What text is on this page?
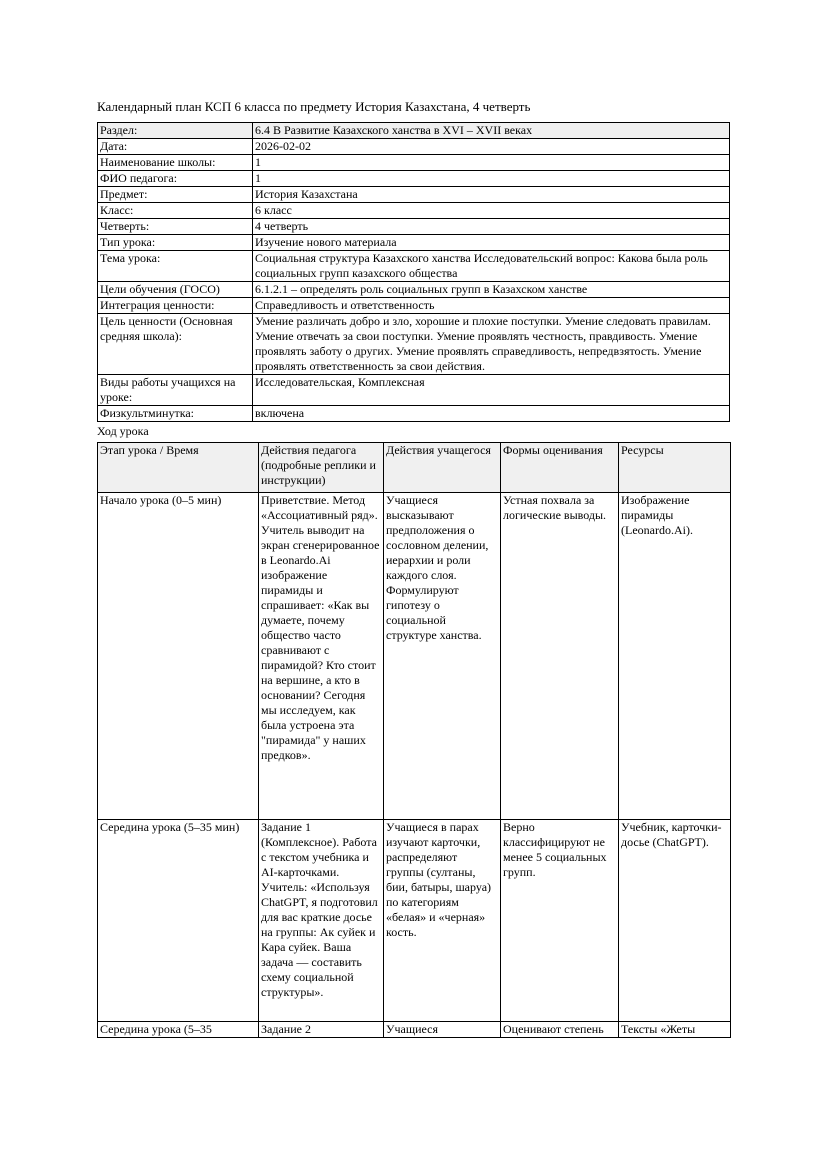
Календарный план КСП 6 класса по предмету История Казахстана, 4 четверть
Раздел:	6.4 В Развитие Казахского ханства в XVI – XVII веках
Дата:	2026-02-02
Наименование школы:	1
ФИО педагога:	1
Предмет:	История Казахстана
Класс:	6 класс
Четверть:	4 четверть
Тип урока:	Изучение нового материала
Тема урока:	Социальная структура Казахского ханства Исследовательский вопрос: Какова была роль социальных групп казахского общества
Цели обучения (ГОСО)	6.1.2.1 – определять роль социальных групп в Казахском ханстве
Интеграция ценности:	Справедливость и ответственность
Цель ценности (Основная средняя школа):	Умение различать добро и зло, хорошие и плохие поступки. Умение следовать правилам. Умение отвечать за свои поступки. Умение проявлять честность, правдивость. Умение проявлять заботу о других. Умение проявлять справедливость, непредвзятость. Умение проявлять ответственность за свои действия.
Виды работы учащихся на уроке:	Исследовательская, Комплексная
Физкультминутка:	включена
Ход урока
Этап урока / Время	Действия педагога (подробные реплики и инструкции)	Действия учащегося	Формы оценивания	Ресурсы
Начало урока (0–5 мин)	Приветствие. Метод «Ассоциативный ряд». Учитель выводит на экран сгенерированное в Leonardo.Ai изображение пирамиды и спрашивает: «Как вы думаете, почему общество часто сравнивают с пирамидой? Кто стоит на вершине, а кто в основании? Сегодня мы исследуем, как была устроена эта "пирамида" у наших предков».	Учащиеся высказывают предположения о сословном делении, иерархии и роли каждого слоя. Формулируют гипотезу о социальной структуре ханства.	Устная похвала за логические выводы.	Изображение пирамиды (Leonardo.Ai).
Середина урока (5–35 мин)	Задание 1 (Комплексное). Работа с текстом учебника и AI-карточками. Учитель: «Используя ChatGPT, я подготовил для вас краткие досье на группы: Ак суйек и Кара суйек. Ваша задача — составить схему социальной структуры».	Учащиеся в парах изучают карточки, распределяют группы (султаны, бии, батыры, шаруа) по категориям «белая» и «черная» кость.	Верно классифицируют не менее 5 социальных групп.	Учебник, карточки-досье (ChatGPT).

Середина урока (5–35	Задание 2	Учащиеся	Оценивают степень	Тексты «Жеты
